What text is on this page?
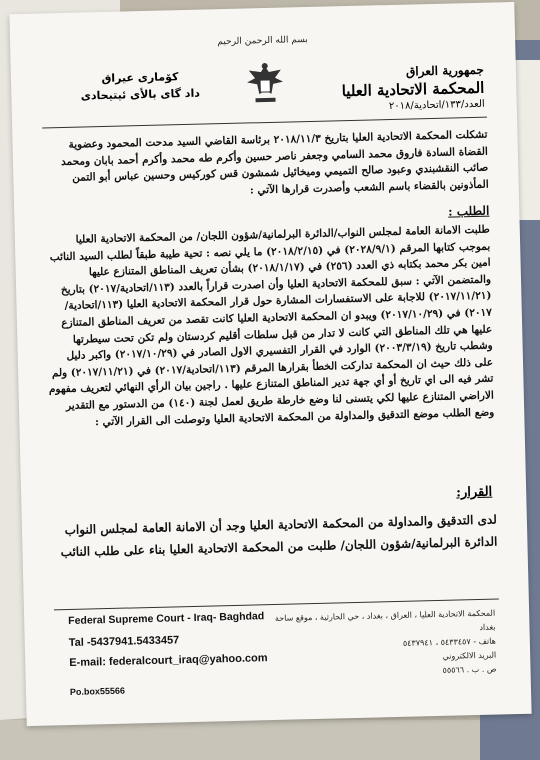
بسم الله الرحمن الرحيم
جمهورية العراق
المحكمة الاتحادية العليا
العدد/١٣٣/اتحادية/٢٠١٨
كۆماری عیراق
داد گای بالأی ئیتیحادی

تشكلت المحكمة الاتحادية العليا بتاريخ ٢٠١٨/١١/٣ برئاسة القاضي السيد مدحت المحمود وعضوية القضاة السادة فاروق محمد السامي وجعفر ناصر حسين وأكرم طه محمد وأكرم أحمد بابان ومحمد صائب النقشبندي وعبود صالح التميمي وميخائيل شمشون قس كوركيس وحسين عباس أبو التمن المأذونين بالقضاء باسم الشعب وأصدرت قرارها الآتي :

الطلب :

طلبت الامانة العامة لمجلس النواب/الدائرة البرلمانية/شؤون اللجان/ من المحكمة الاتحادية العليا بموجب كتابها المرقم (٢٠٢٨/٩/١) في (٢٠١٨/٢/١٥) ما يلي نصه : تحية طيبة طبقاً لطلب السيد النائب امين بكر محمد بكتابه ذي العدد (٢٥٦) في (٢٠١٨/١/١٧) بشأن تعريف المناطق المتنازع عليها والمتضمن الآتي : سبق للمحكمة الاتحادية العليا وأن اصدرت قراراً بالعدد (١١٣/اتحادية/٢٠١٧) بتاريخ (٢٠١٧/١١/٢١) للاجابة على الاستفسارات المشارة حول قرار المحكمة الاتحادية العليا (١١٣/اتحادية/٢٠١٧) في (٢٠١٧/١٠/٢٩) ويبدو ان المحكمة الاتحادية العليا كانت تقصد من تعريف المناطق المتنازع عليها هي تلك المناطق التي كانت لا تدار من قبل سلطات أقليم كردستان ولم تكن تحت سيطرتها وشطب تاريخ (٢٠٠٣/٣/١٩) الوارد في القرار التفسيري الاول الصادر في (٢٠١٧/١٠/٢٩) واكبر دليل على ذلك حيث ان المحكمة تداركت الخطأ بقرارها المرقم (١١٣/اتحادية/٢٠١٧) في (٢٠١٧/١١/٢١) ولم تشر فيه الى اي تاريخ أو أي جهة تدير المناطق المتنازع عليها . راجين بيان الرأي النهائي لتعريف مفهوم الاراضي المتنازع عليها لكي يتسنى لنا وضع خارطة طريق لعمل لجنة (١٤٠) من الدستور مع التقدير وضع الطلب موضع التدقيق والمداولة من المحكمة الاتحادية العليا وتوصلت الى القرار الآتي :

القرار:
لدى التدقيق والمداولة من المحكمة الاتحادية العليا وجد أن الامانة العامة لمجلس النواب الدائرة البرلمانية/شؤون اللجان/ طلبت من المحكمة الاتحادية العليا بناء على طلب النائب
Federal Supreme Court - Iraq- Baghdad
Tal -5437941.5433457
E-mail: federalcourt_iraq@yahoo.com
Po.box55566
المحكمة الاتحادية العليا ، العراق ، بغداد ، حي الحارثية ، موقع ساحة بغداد
هاتف - ٥٤٣٣٤٥٧ ، ٥٤٣٧٩٤١
البريد الالكتروني
ص . ب . ٥٥٥٦٦
